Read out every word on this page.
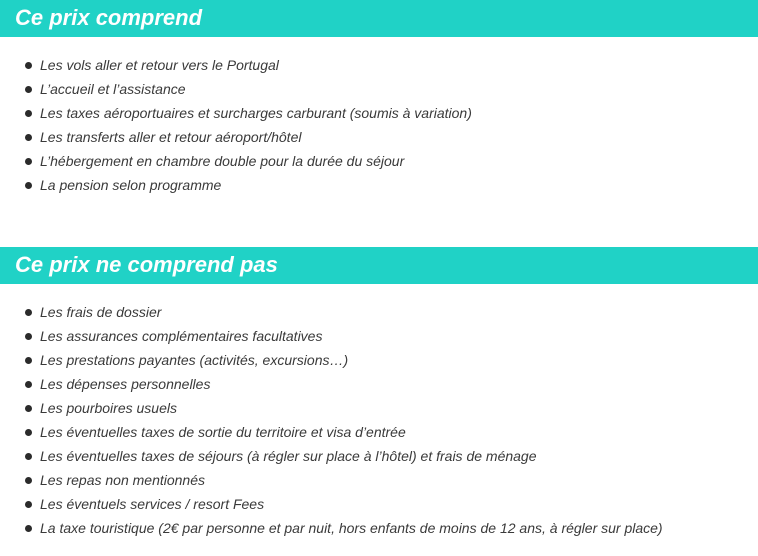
Ce prix comprend
Les vols aller et retour vers le Portugal
L’accueil et l’assistance
Les taxes aéroportuaires et surcharges carburant (soumis à variation)
Les transferts aller et retour aéroport/hôtel
L’hébergement en chambre double pour la durée du séjour
La pension selon programme
Ce prix ne comprend pas
Les frais de dossier
Les assurances complémentaires facultatives
Les prestations payantes (activités, excursions…)
Les dépenses personnelles
Les pourboires usuels
Les éventuelles taxes de sortie du territoire et visa d’entrée
Les éventuelles taxes de séjours (à régler sur place à l’hôtel) et frais de ménage
Les repas non mentionnés
Les éventuels services / resort Fees
La taxe touristique (2€ par personne et par nuit, hors enfants de moins de 12 ans, à régler sur place)
